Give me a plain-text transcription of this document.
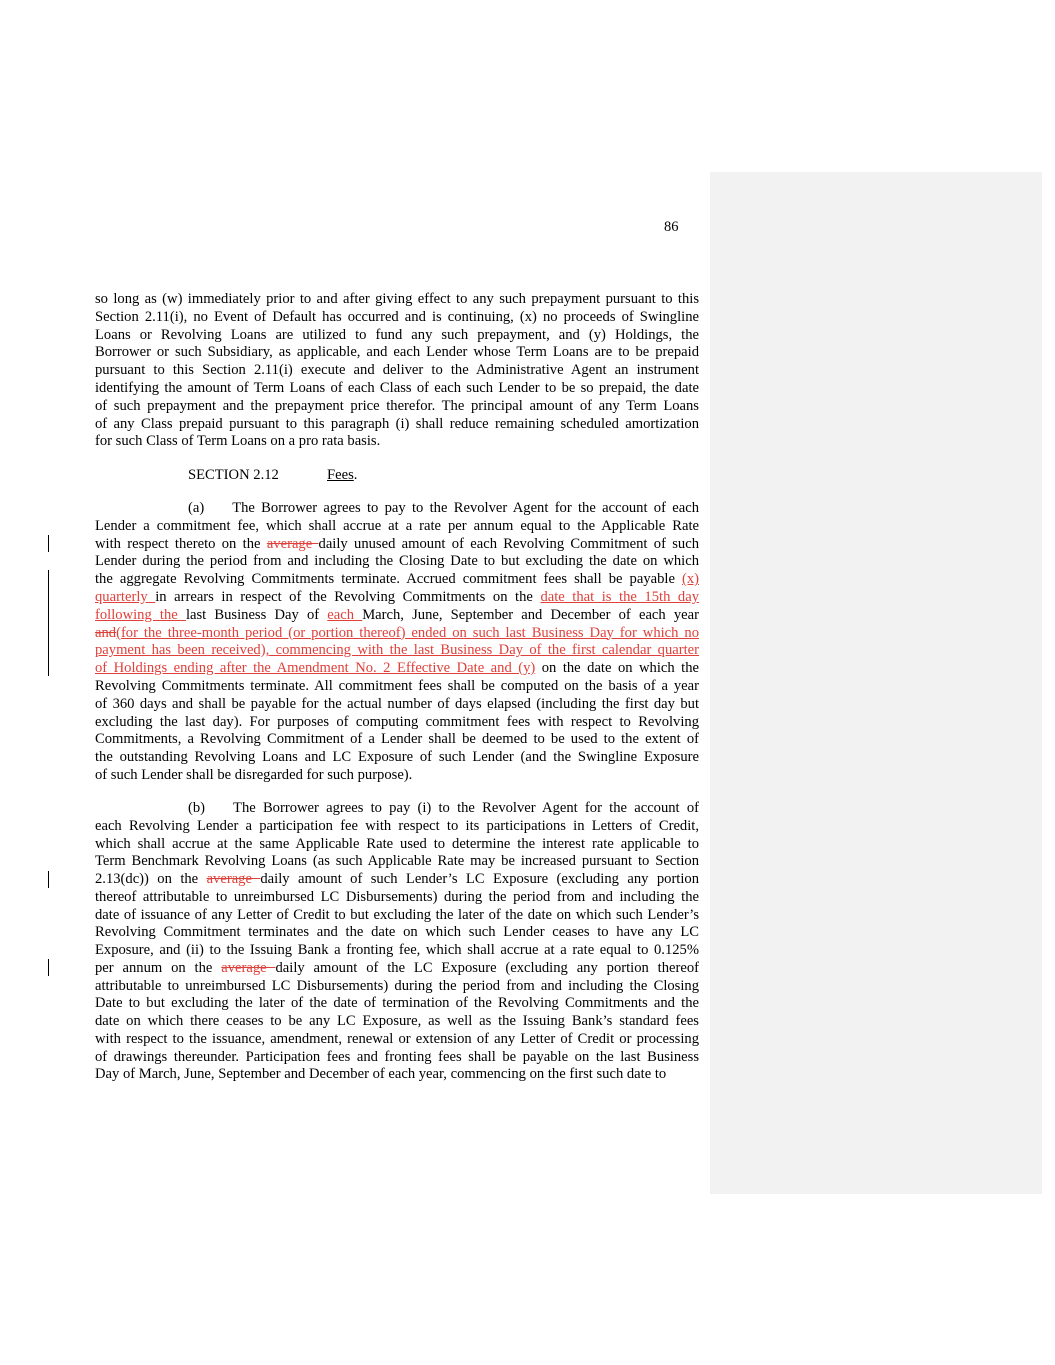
86
SECTION 2.12	Fees.
so long as (w) immediately prior to and after giving effect to any such prepayment pursuant to this
Section 2.11(i), no Event of Default has occurred and is continuing, (x) no proceeds of Swingline
Loans or Revolving Loans are utilized to fund any such prepayment, and (y) Holdings, the
Borrower or such Subsidiary, as applicable, and each Lender whose Term Loans are to be prepaid
pursuant to this Section 2.11(i) execute and deliver to the Administrative Agent an instrument
identifying the amount of Term Loans of each Class of each such Lender to be so prepaid, the date
of such prepayment and the prepayment price therefor. The principal amount of any Term Loans
of any Class prepaid pursuant to this paragraph (i) shall reduce remaining scheduled amortization
for such Class of Term Loans on a pro rata basis.
(a) The Borrower agrees to pay to the Revolver Agent for the account of each
Lender a commitment fee, which shall accrue at a rate per annum equal to the Applicable Rate
with respect thereto on the average daily unused amount of each Revolving Commitment of such
Lender during the period from and including the Closing Date to but excluding the date on which
the aggregate Revolving Commitments terminate. Accrued commitment fees shall be payable (x)
quarterly in arrears in respect of the Revolving Commitments on the date that is the 15th day
following the last Business Day of each March, June, September and December of each year
and(for the three-month period (or portion thereof) ended on such last Business Day for which no
payment has been received), commencing with the last Business Day of the first calendar quarter
of Holdings ending after the Amendment No. 2 Effective Date and (y) on the date on which the
Revolving Commitments terminate. All commitment fees shall be computed on the basis of a year
of 360 days and shall be payable for the actual number of days elapsed (including the first day but
excluding the last day). For purposes of computing commitment fees with respect to Revolving
Commitments, a Revolving Commitment of a Lender shall be deemed to be used to the extent of
the outstanding Revolving Loans and LC Exposure of such Lender (and the Swingline Exposure
of such Lender shall be disregarded for such purpose).
(b) The Borrower agrees to pay (i) to the Revolver Agent for the account of
each Revolving Lender a participation fee with respect to its participations in Letters of Credit,
which shall accrue at the same Applicable Rate used to determine the interest rate applicable to
Term Benchmark Revolving Loans (as such Applicable Rate may be increased pursuant to Section
2.13(dc)) on the average daily amount of such Lender’s LC Exposure (excluding any portion
thereof attributable to unreimbursed LC Disbursements) during the period from and including the
date of issuance of any Letter of Credit to but excluding the later of the date on which such Lender’s
Revolving Commitment terminates and the date on which such Lender ceases to have any LC
Exposure, and (ii) to the Issuing Bank a fronting fee, which shall accrue at a rate equal to 0.125%
per annum on the average daily amount of the LC Exposure (excluding any portion thereof
attributable to unreimbursed LC Disbursements) during the period from and including the Closing
Date to but excluding the later of the date of termination of the Revolving Commitments and the
date on which there ceases to be any LC Exposure, as well as the Issuing Bank’s standard fees
with respect to the issuance, amendment, renewal or extension of any Letter of Credit or processing
of drawings thereunder. Participation fees and fronting fees shall be payable on the last Business
Day of March, June, September and December of each year, commencing on the first such date to
